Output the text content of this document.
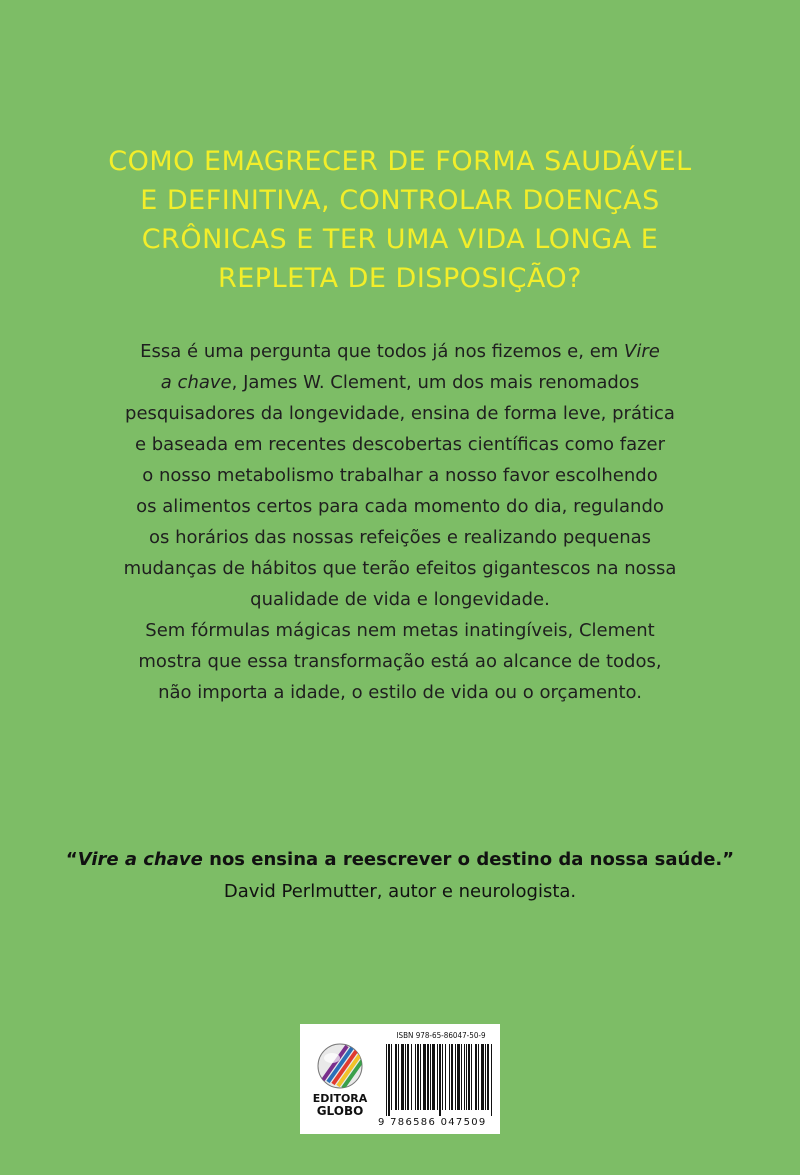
COMO EMAGRECER DE FORMA SAUDÁVEL
E DEFINITIVA, CONTROLAR DOENÇAS
CRÔNICAS E TER UMA VIDA LONGA E
REPLETA DE DISPOSIÇÃO?
Essa é uma pergunta que todos já nos fizemos e, em Vire
a chave, James W. Clement, um dos mais renomados
pesquisadores da longevidade, ensina de forma leve, prática
e baseada em recentes descobertas científicas como fazer
o nosso metabolismo trabalhar a nosso favor escolhendo
os alimentos certos para cada momento do dia, regulando
os horários das nossas refeições e realizando pequenas
mudanças de hábitos que terão efeitos gigantescos na nossa
qualidade de vida e longevidade.
Sem fórmulas mágicas nem metas inatingíveis, Clement
mostra que essa transformação está ao alcance de todos,
não importa a idade, o estilo de vida ou o orçamento.
“Vire a chave nos ensina a reescrever o destino da nossa saúde.”
David Perlmutter, autor e neurologista.
EDITORA
GLOBO
ISBN 978-65-86047-50-9
9 786586 047509
